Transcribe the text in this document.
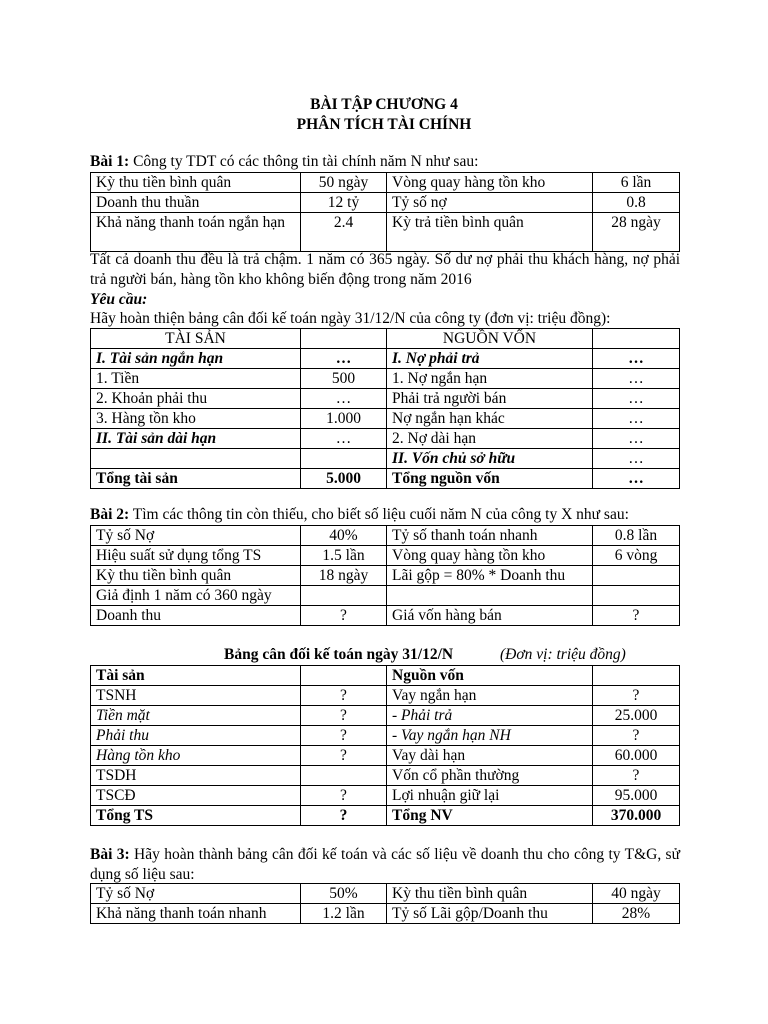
BÀI TẬP CHƯƠNG 4
PHÂN TÍCH TÀI CHÍNH
Bài 1: Công ty TDT có các thông tin tài chính năm N như sau:
Kỳ thu tiền bình quân	50 ngày	Vòng quay hàng tồn kho	6 lần
Doanh thu thuần	12 tỷ	Tỷ số nợ	0.8
Khả năng thanh toán ngắn hạn	2.4	Kỳ trả tiền bình quân	28 ngày
Tất cả doanh thu đều là trả chậm. 1 năm có 365 ngày. Số dư nợ phải thu khách hàng, nợ phải trả người bán, hàng tồn kho không biến động trong năm 2016
Yêu cầu:
Hãy hoàn thiện bảng cân đối kế toán ngày 31/12/N của công ty (đơn vị: triệu đồng):
TÀI SẢN		NGUỒN VỐN	
I. Tài sản ngắn hạn	…	I. Nợ phải trả	…
1. Tiền	500	1. Nợ ngắn hạn	…
2. Khoản phải thu	…	Phải trả người bán	…
3. Hàng tồn kho	1.000	Nợ ngắn hạn khác	…
II. Tài sản dài hạn	…	2. Nợ dài hạn	…
		II. Vốn chủ sở hữu	…
Tổng tài sản	5.000	Tổng nguồn vốn	…
Bài 2: Tìm các thông tin còn thiếu, cho biết số liệu cuối năm N của công ty X như sau:
Tỷ số Nợ	40%	Tỷ số thanh toán nhanh	0.8 lần
Hiệu suất sử dụng tổng TS	1.5 lần	Vòng quay hàng tồn kho	6 vòng
Kỳ thu tiền bình quân	18 ngày	Lãi gộp = 80% * Doanh thu	
Giả định 1 năm có 360 ngày			
Doanh thu	?	Giá vốn hàng bán	?
Bảng cân đối kế toán ngày 31/12/N	(Đơn vị: triệu đồng)
Tài sản		Nguồn vốn	
TSNH	?	Vay ngắn hạn	?
Tiền mặt	?	- Phải trả	25.000
Phải thu	?	- Vay ngắn hạn NH	?
Hàng tồn kho	?	Vay dài hạn	60.000
TSDH		Vốn cổ phần thường	?
TSCĐ	?	Lợi nhuận giữ lại	95.000
Tổng TS	?	Tổng NV	370.000
Bài 3: Hãy hoàn thành bảng cân đối kế toán và các số liệu về doanh thu cho công ty T&G, sử dụng số liệu sau:
Tỷ số Nợ	50%	Kỳ thu tiền bình quân	40 ngày
Khả năng thanh toán nhanh	1.2 lần	Tỷ số Lãi gộp/Doanh thu	28%
